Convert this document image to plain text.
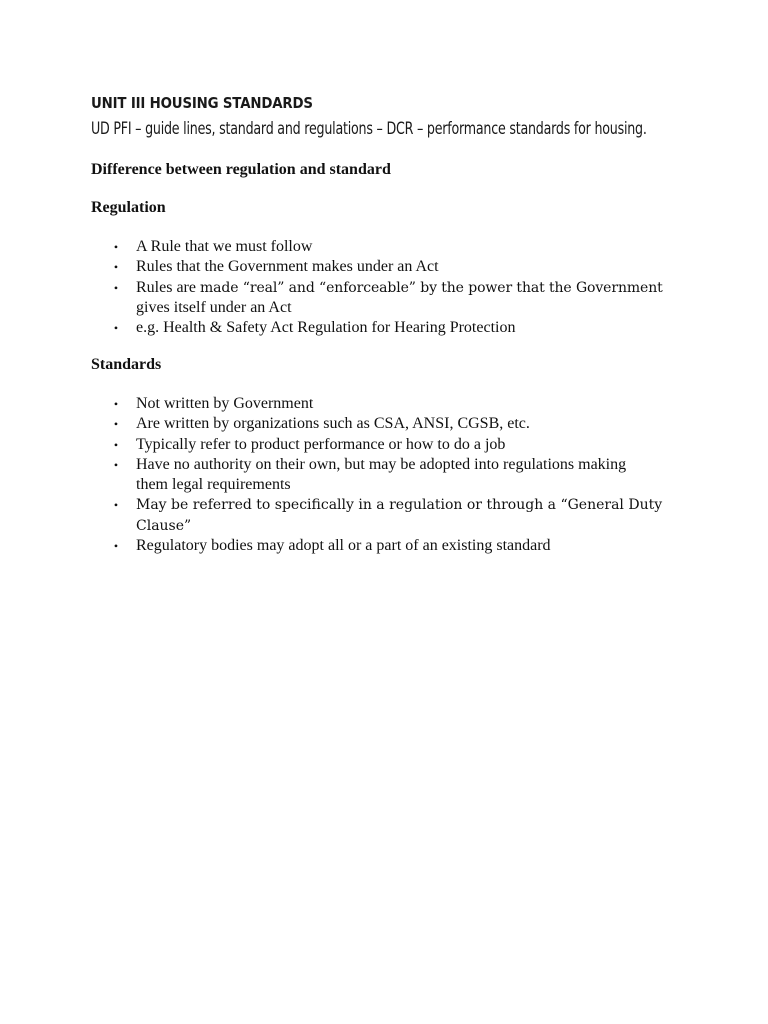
UNIT III HOUSING STANDARDS

UD PFI – guide lines, standard and regulations – DCR – performance standards for housing.

Difference between regulation and standard

Regulation

• A Rule that we must follow
• Rules that the Government makes under an Act
• Rules are made “real” and “enforceable” by the power that the Government
gives itself under an Act
• e.g. Health & Safety Act Regulation for Hearing Protection

Standards

• Not written by Government
• Are written by organizations such as CSA, ANSI, CGSB, etc.
• Typically refer to product performance or how to do a job
• Have no authority on their own, but may be adopted into regulations making
them legal requirements
• May be referred to specifically in a regulation or through a “General Duty
Clause”
• Regulatory bodies may adopt all or a part of an existing standard
